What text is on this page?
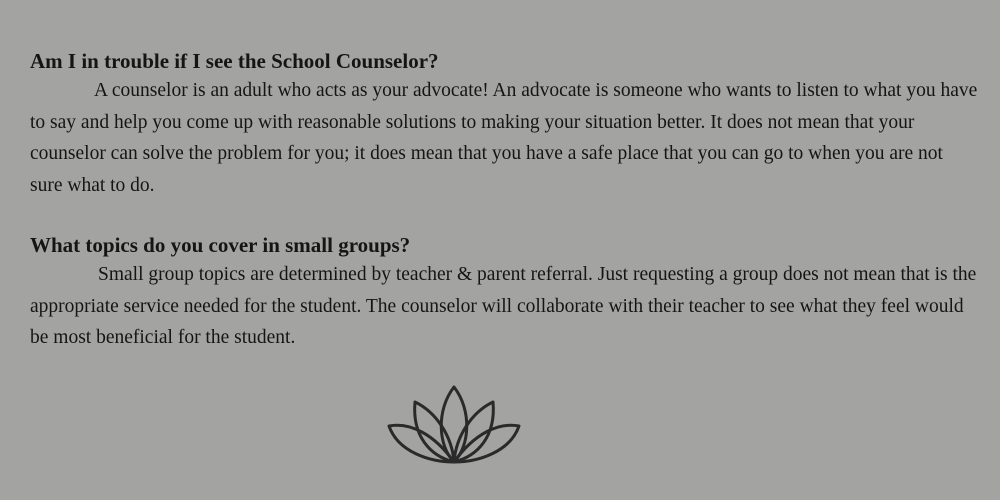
Am I in trouble if I see the School Counselor?

A counselor is an adult who acts as your advocate! An advocate is someone who wants to listen to what you have to say and help you come up with reasonable solutions to making your situation better. It does not mean that your counselor can solve the problem for you; it does mean that you have a safe place that you can go to when you are not sure what to do.

What topics do you cover in small groups?

Small group topics are determined by teacher & parent referral. Just requesting a group does not mean that is the appropriate service needed for the student. The counselor will collaborate with their teacher to see what they feel would be most beneficial for the student.
